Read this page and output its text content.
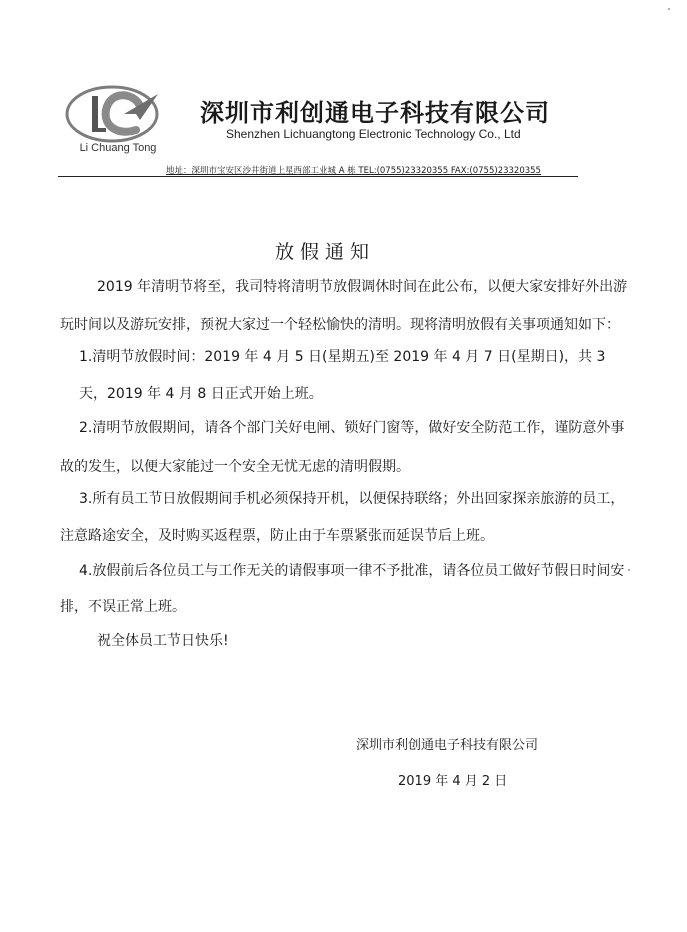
Li Chuang Tong
深圳市利创通电子科技有限公司
Shenzhen Lichuangtong Electronic Technology Co., Ltd
地址：深圳市宝安区沙井街道上星西部工业城 A 栋 TEL:(0755)23320355 FAX:(0755)23320355
放假通知
2019 年清明节将至，我司特将清明节放假调休时间在此公布，以便大家安排好外出游
玩时间以及游玩安排，预祝大家过一个轻松愉快的清明。现将清明放假有关事项通知如下：
1.清明节放假时间：2019 年 4 月 5 日(星期五)至 2019 年 4 月 7 日(星期日)，共 3
天，2019 年 4 月 8 日正式开始上班。
2.清明节放假期间，请各个部门关好电闸、锁好门窗等，做好安全防范工作，谨防意外事
故的发生，以便大家能过一个安全无忧无虑的清明假期。
3.所有员工节日放假期间手机必须保持开机，以便保持联络；外出回家探亲旅游的员工，
注意路途安全，及时购买返程票，防止由于车票紧张而延误节后上班。
4.放假前后各位员工与工作无关的请假事项一律不予批准，请各位员工做好节假日时间安
排，不误正常上班。
祝全体员工节日快乐!
深圳市利创通电子科技有限公司
2019 年 4 月 2 日
